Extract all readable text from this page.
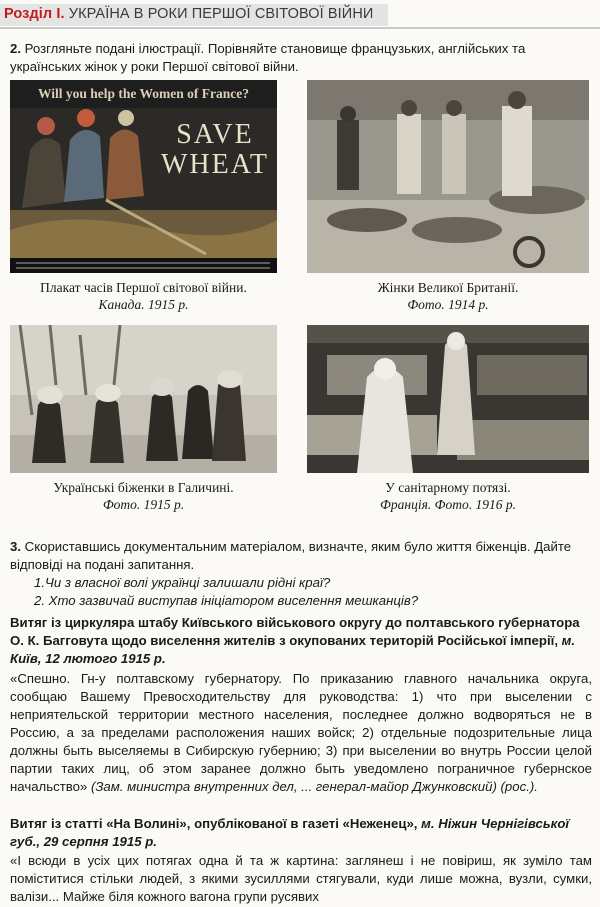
Розділ I. УКРАЇНА В РОКИ ПЕРШОЇ СВІТОВОЇ ВІЙНИ
2. Розгляньте подані ілюстрації. Порівняйте становище французьких, англійських та українських жінок у роки Першої світової війни.
Will you help the Women of France?
SAVE
WHEAT
Плакат часів Першої світової війни.
Канада. 1915 р.
Жінки Великої Британії.
Фото. 1914 р.
Українські біженки в Галичині.
Фото. 1915 р.
У санітарному потязі.
Франція. Фото. 1916 р.
3. Скориставшись документальним матеріалом, визначте, яким було життя біженців. Дайте відповіді на подані запитання.
1.Чи з власної волі українці залишали рідні краї?
2. Хто зазвичай виступав ініціатором виселення мешканців?
Витяг із циркуляра штабу Київського військового округу до полтавського губернатора О. К. Багговута щодо виселення жителів з окупованих територій Російської імперії, м. Київ, 12 лютого 1915 р.
«Спешно. Гн-у полтавскому губернатору. По приказанию главного начальника округа, сообщаю Вашему Превосходительству для руководства: 1) что при выселении с неприятельской территории местного населения, последнее должно водворяться не в Россию, а за пределами расположения наших войск; 2) отдельные подозрительные лица должны быть выселяемы в Сибирскую губернию; 3) при выселении во внутрь России целой партии таких лиц, об этом заранее должно быть уведомлено пограничное губернское начальство» (Зам. министра внутренних дел, ... генерал-майор Джунковский) (рос.).
Витяг із статті «На Волині», опублікованої в газеті «Неженец», м. Ніжин Чернігівської губ., 29 серпня 1915 р.
«І всюди в усіх цих потягах одна й та ж картина: заглянеш і не повіриш, як зуміло там поміститися стільки людей, з якими зусиллями стягували, куди лише можна, вузли, сумки, валізи... Майже біля кожного вагона групи русявих
